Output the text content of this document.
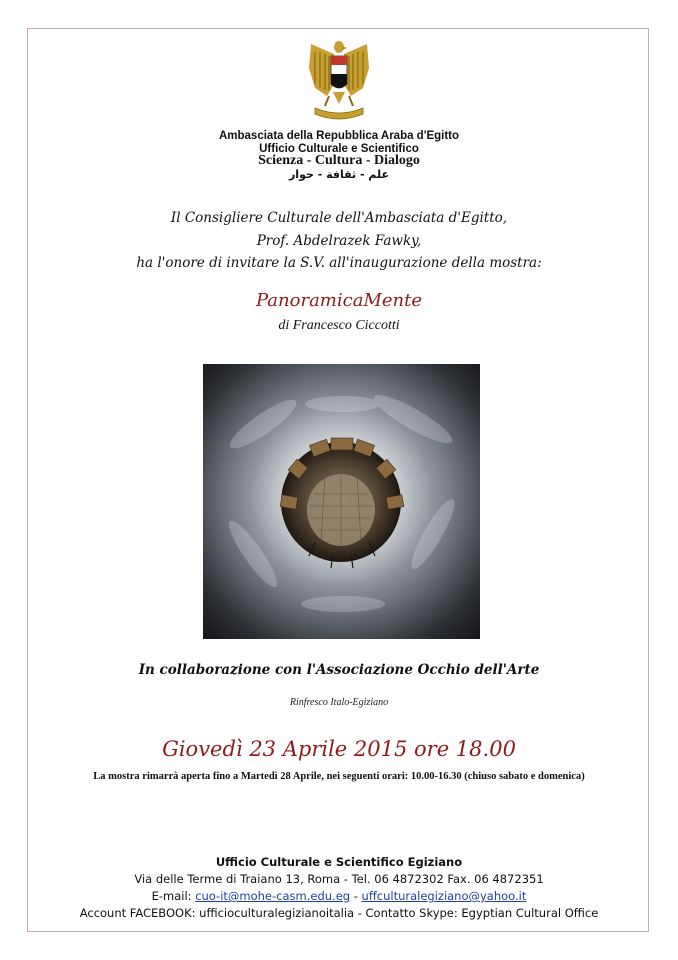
Ambasciata della Repubblica Araba d'Egitto
Ufficio Culturale e Scientifico
Scienza - Cultura - Dialogo
علم - ثقافة - حوار
Il Consigliere Culturale dell'Ambasciata d'Egitto,
Prof. Abdelrazek Fawky,
ha l'onore di invitare la S.V. all'inaugurazione della mostra:
PanoramicaMente
di Francesco Ciccotti
In collaborazione con l'Associazione Occhio dell'Arte
Rinfresco Italo-Egiziano
Giovedì 23 Aprile 2015 ore 18.00
La mostra rimarrà aperta fino a Martedì 28 Aprile, nei seguenti orari: 10.00-16.30 (chiuso sabato e domenica)
Ufficio Culturale e Scientifico Egiziano
Via delle Terme di Traiano 13, Roma - Tel. 06 4872302 Fax. 06 4872351
E-mail: cuo-it@mohe-casm.edu.eg - uffculturalegiziano@yahoo.it
Account FACEBOOK: ufficioculturalegizianoitalia - Contatto Skype: Egyptian Cultural Office
